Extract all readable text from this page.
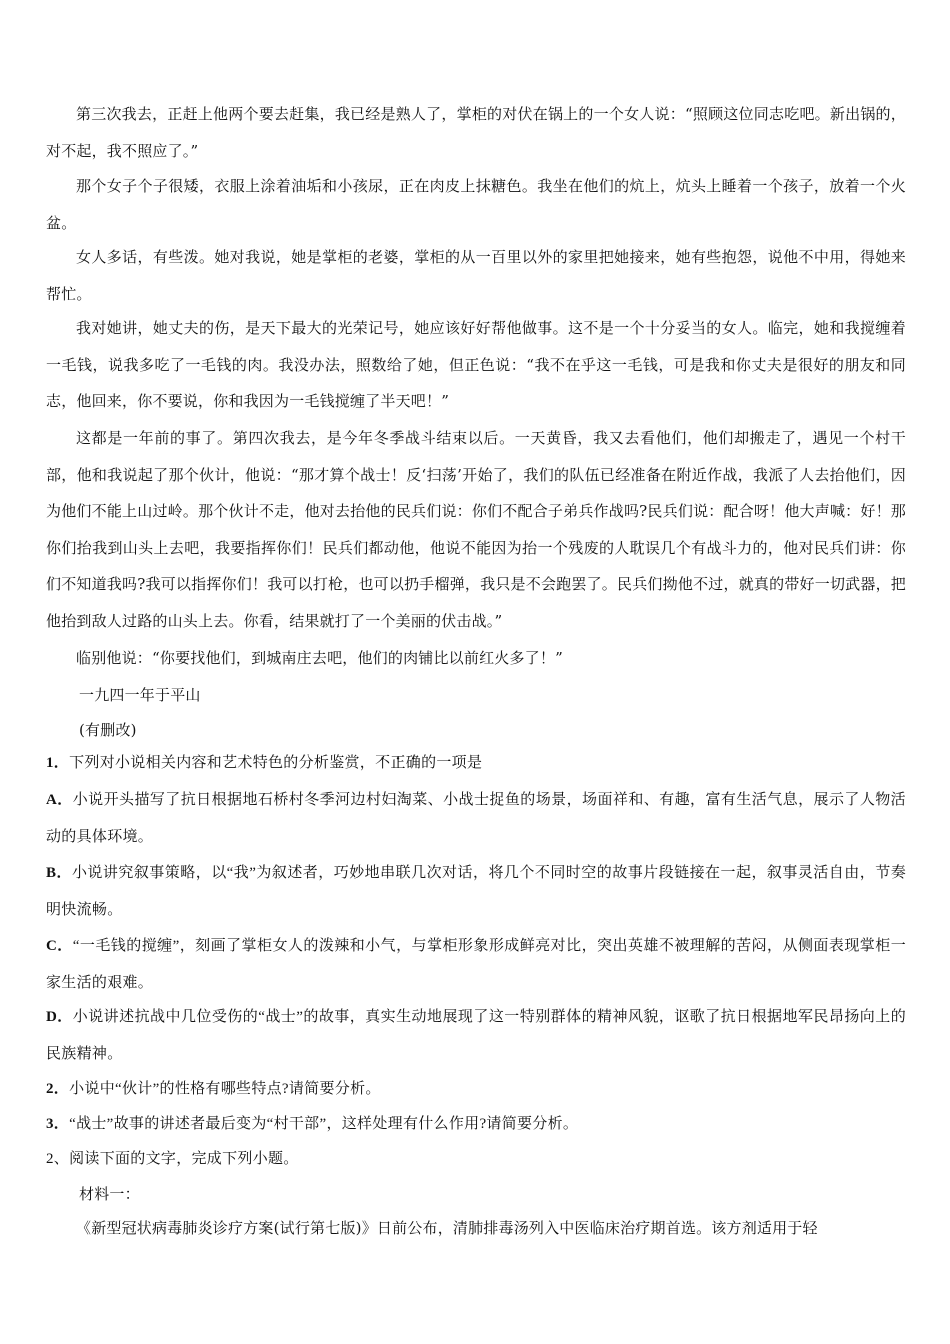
第三次我去，正赶上他两个要去赶集，我已经是熟人了，掌柜的对伏在锅上的一个女人说：“照顾这位同志吃吧。新出锅的，对不起，我不照应了。”

那个女子个子很矮，衣服上涂着油垢和小孩尿，正在肉皮上抹糖色。我坐在他们的炕上，炕头上睡着一个孩子，放着一个火盆。

女人多话，有些泼。她对我说，她是掌柜的老婆，掌柜的从一百里以外的家里把她接来，她有些抱怨，说他不中用，得她来帮忙。

我对她讲，她丈夫的伤，是天下最大的光荣记号，她应该好好帮他做事。这不是一个十分妥当的女人。临完，她和我搅缠着一毛钱，说我多吃了一毛钱的肉。我没办法，照数给了她，但正色说：“我不在乎这一毛钱，可是我和你丈夫是很好的朋友和同志，他回来，你不要说，你和我因为一毛钱搅缠了半天吧！”

这都是一年前的事了。第四次我去，是今年冬季战斗结束以后。一天黄昏，我又去看他们，他们却搬走了，遇见一个村干部，他和我说起了那个伙计，他说：“那才算个战士！反‘扫荡’开始了，我们的队伍已经准备在附近作战，我派了人去抬他们，因为他们不能上山过岭。那个伙计不走，他对去抬他的民兵们说：你们不配合子弟兵作战吗?民兵们说：配合呀！他大声喊：好！那你们抬我到山头上去吧，我要指挥你们！民兵们都动他，他说不能因为抬一个残废的人耽误几个有战斗力的，他对民兵们讲：你们不知道我吗?我可以指挥你们！我可以打枪，也可以扔手榴弹，我只是不会跑罢了。民兵们拗他不过，就真的带好一切武器，把他抬到敌人过路的山头上去。你看，结果就打了一个美丽的伏击战。”

临别他说：“你要找他们，到城南庄去吧，他们的肉铺比以前红火多了！”

一九四一年于平山

(有删改)

1．下列对小说相关内容和艺术特色的分析鉴赏，不 ·正 ·确 ·的一项是

A．小说开头描写了抗日根据地石桥村冬季河边村妇淘菜、小战士捉鱼的场景，场面祥和、有趣，富有生活气息，展示了人物活动的具体环境。

B．小说讲究叙事策略，以“我”为叙述者，巧妙地串联几次对话，将几个不同时空的故事片段链接在一起，叙事灵活自由，节奏明快流畅。

C．“一毛钱的搅缠”，刻画了掌柜女人的泼辣和小气，与掌柜形象形成鲜亮对比，突出英雄不被理解的苦闷，从侧面表现掌柜一家生活的艰难。

D．小说讲述抗战中几位受伤的“战士”的故事，真实生动地展现了这一特别群体的精神风貌，讴歌了抗日根据地军民昂扬向上的民族精神。

2．小说中“伙计”的性格有哪些特点?请简要分析。

3．“战士”故事的讲述者最后变为“村干部”，这样处理有什么作用?请简要分析。

2、阅读下面的文字，完成下列小题。

材料一：

《新型冠状病毒肺炎诊疗方案(试行第七版)》日前公布，清肺排毒汤列入中医临床治疗期首选。该方剂适用于轻
